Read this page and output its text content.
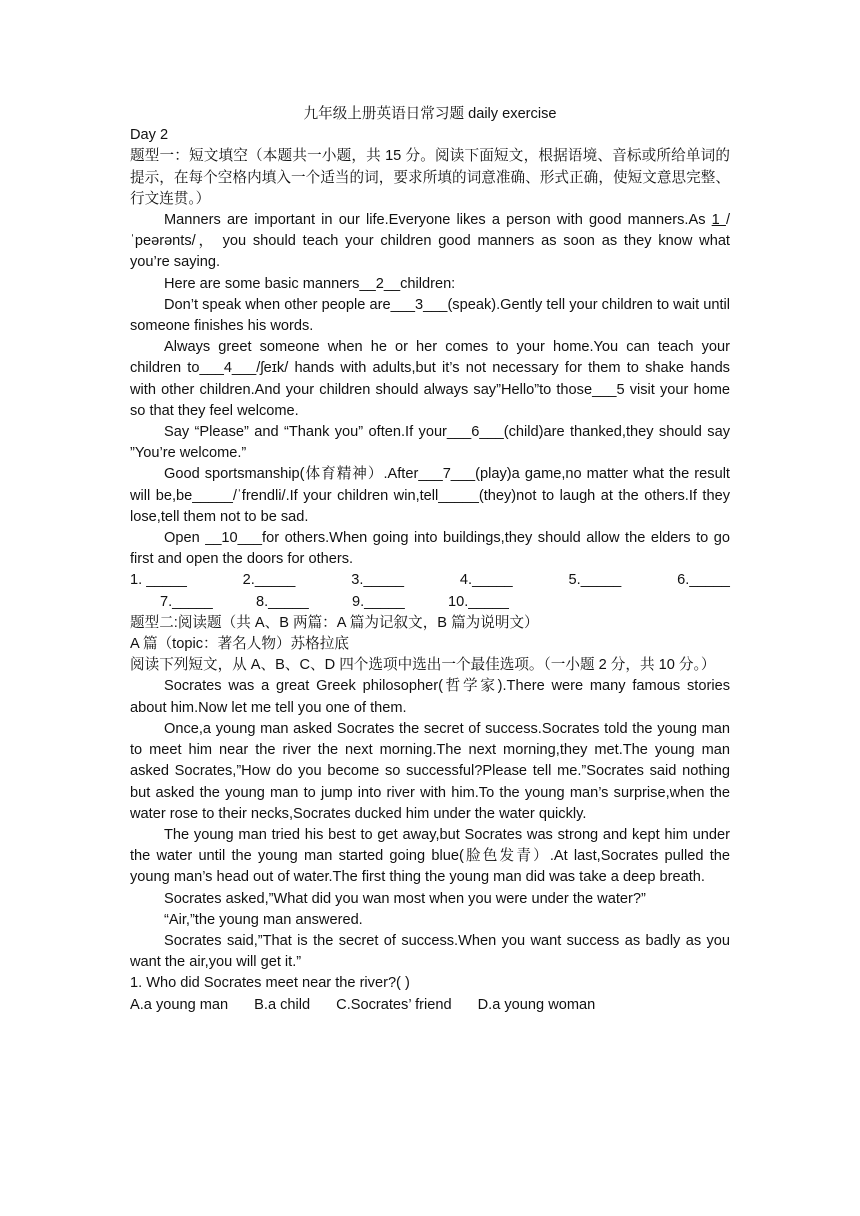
九年级上册英语日常习题 daily exercise

Day 2

题型一：短文填空（本题共一小题，共 15 分。阅读下面短文，根据语境、音标或所给单词的提示，在每个空格内填入一个适当的词，要求所填的词意准确、形式正确，使短文意思完整、行文连贯。）

Manners are important in our life.Everyone likes a person with good manners.As 1 /ˈpeərənts/， you should teach your children good manners as soon as they know what you’re saying.

Here are some basic manners__2__children:

Don’t speak when other people are___3___(speak).Gently tell your children to wait until someone finishes his words.

Always greet someone when he or her comes to your home.You can teach your children to___4___/ʃeɪk/ hands with adults,but it’s not necessary for them to shake hands with other children.And your children should always say”Hello”to those___5 visit your home so that they feel welcome.

Say “Please” and “Thank you” often.If your___6___(child)are thanked,they should say ”You’re welcome.”

Good sportsmanship(体育精神）.After___7___(play)a game,no matter what the result will be,be_____/ˈfrendli/.If your children win,tell_____(they)not to laugh at the others.If they lose,tell them not to be sad.

Open __10___for others.When going into buildings,they should allow the elders to go first and open the doors for others.

1. _____	2._____	3._____	4._____	5._____	6._____
7._____	8._____	9._____	10._____

题型二:阅读题（共 A、B 两篇：A 篇为记叙文，B 篇为说明文）

A 篇（topic：著名人物）苏格拉底

阅读下列短文，从 A、B、C、D 四个选项中选出一个最佳选项。（一小题 2 分，共 10 分。）

Socrates was a great Greek philosopher(哲学家).There were many famous stories about him.Now let me tell you one of them.

Once,a young man asked Socrates the secret of success.Socrates told the young man to meet him near the river the next morning.The next morning,they met.The young man asked Socrates,”How do you become so successful?Please tell me.”Socrates said nothing but asked the young man to jump into river with him.To the young man’s surprise,when the water rose to their necks,Socrates ducked him under the water quickly.

The young man tried his best to get away,but Socrates was strong and kept him under the water until the young man started going blue(脸色发青）.At last,Socrates pulled the young man’s head out of water.The first thing the young man did was take a deep breath.

Socrates asked,”What did you wan most when you were under the water?”

“Air,”the young man answered.

Socrates said,”That is the secret of success.When you want success as badly as you want the air,you will get it.”

1. Who did Socrates meet near the river?( )

A.a young man B.a child C.Socrates’ friend D.a young woman
